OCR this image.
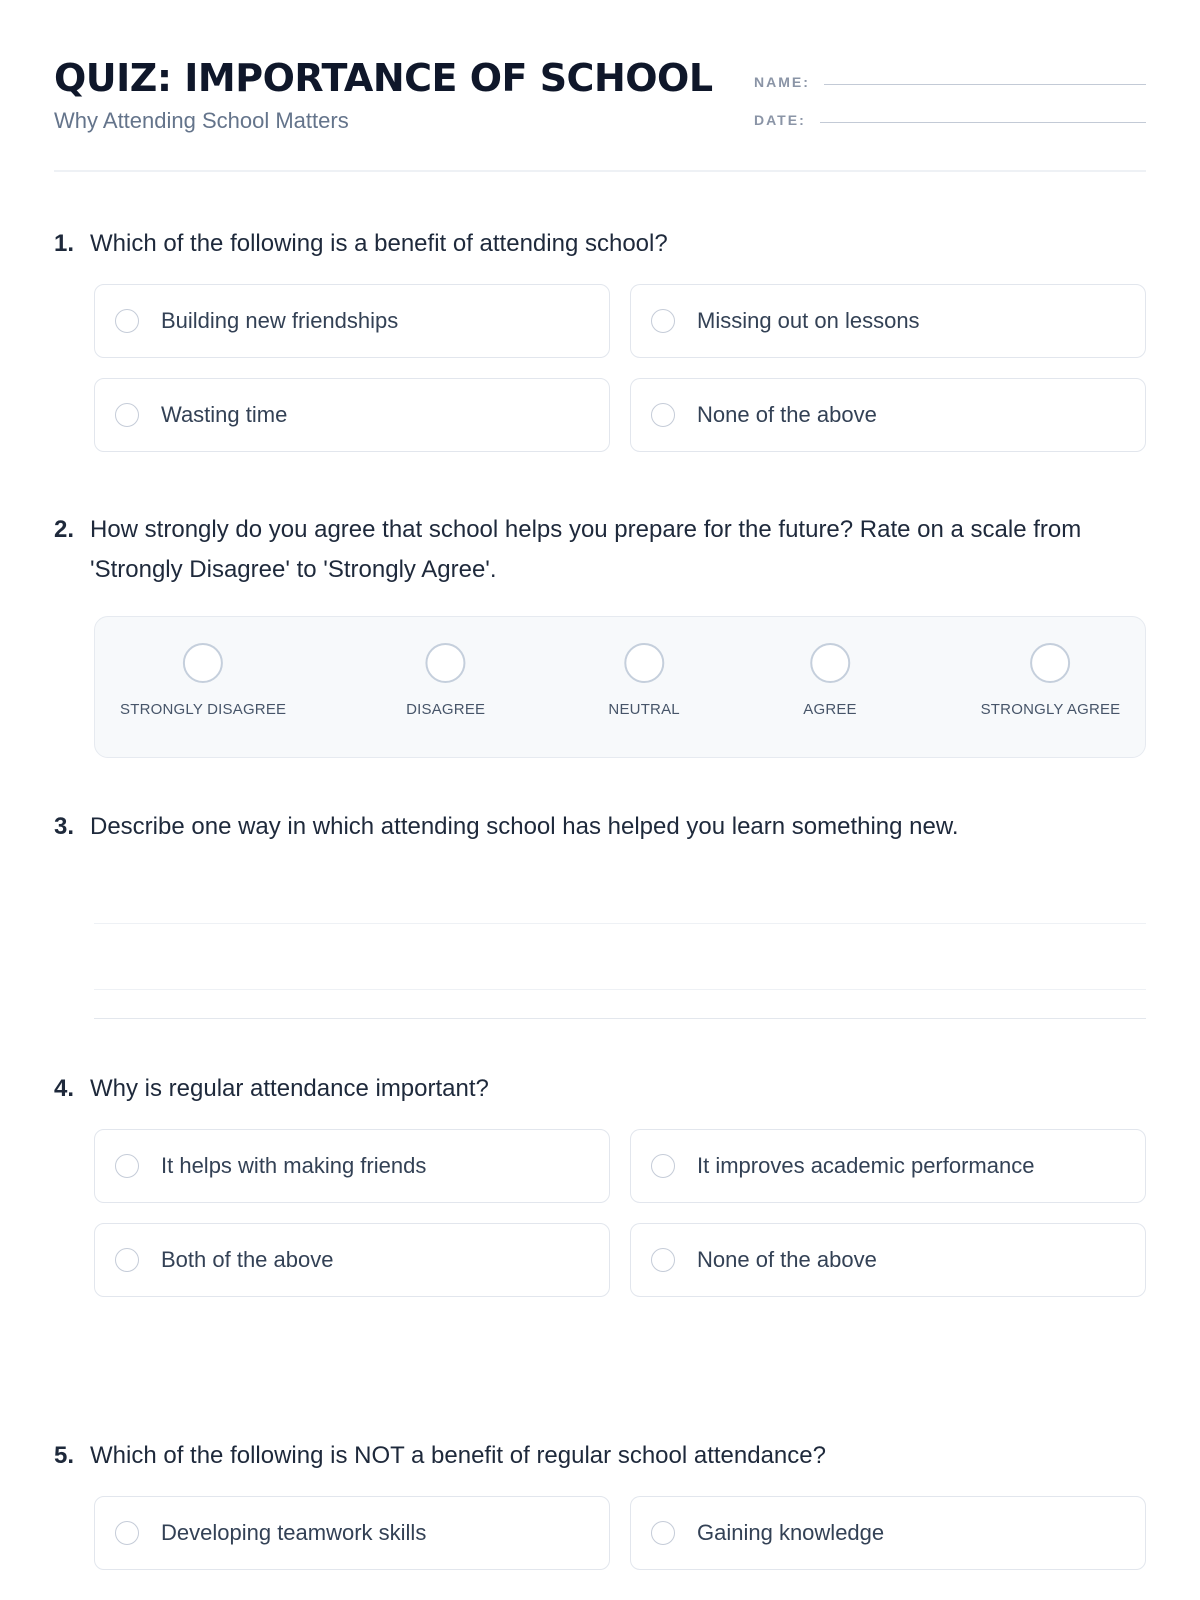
QUIZ: IMPORTANCE OF SCHOOL
Why Attending School Matters
NAME:
DATE:
1. Which of the following is a benefit of attending school?
Building new friendships	Missing out on lessons
Wasting time	None of the above
2. How strongly do you agree that school helps you prepare for the future? Rate on a scale from 'Strongly Disagree' to 'Strongly Agree'.
STRONGLY DISAGREE	DISAGREE	NEUTRAL	AGREE	STRONGLY AGREE
3. Describe one way in which attending school has helped you learn something new.
4. Why is regular attendance important?
It helps with making friends	It improves academic performance
Both of the above	None of the above
5. Which of the following is NOT a benefit of regular school attendance?
Developing teamwork skills	Gaining knowledge
